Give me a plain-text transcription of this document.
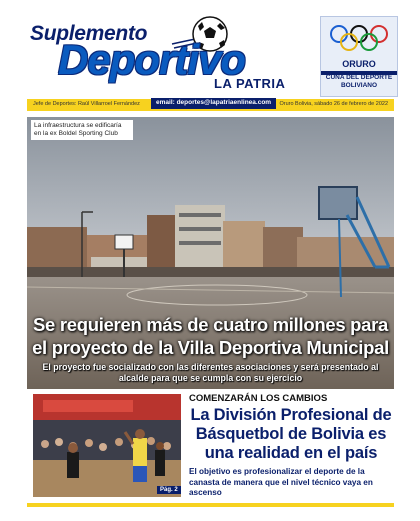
Suplemento
Deportivo
LA PATRIA
ORURO
CUNA DEL DEPORTE BOLIVIANO
Jefe de Deportes: Raúl Villarroel Fernández	email: deportes@lapatriaenlinea.com	Oruro Bolivia, sábado 26 de febrero de 2022
La infraestructura se edificaría en la ex Boldel Sporting Club
Se requieren más de cuatro millones para el proyecto de la Villa Deportiva Municipal
El proyecto fue socializado con las diferentes asociaciones y será presentado al alcalde para que se cumpla con su ejercicio
Pág. 2
COMENZARÁN LOS CAMBIOS
La División Profesional de Básquetbol de Bolivia es una realidad en el país
El objetivo es profesionalizar el deporte de la canasta de manera que el nivel técnico vaya en ascenso
